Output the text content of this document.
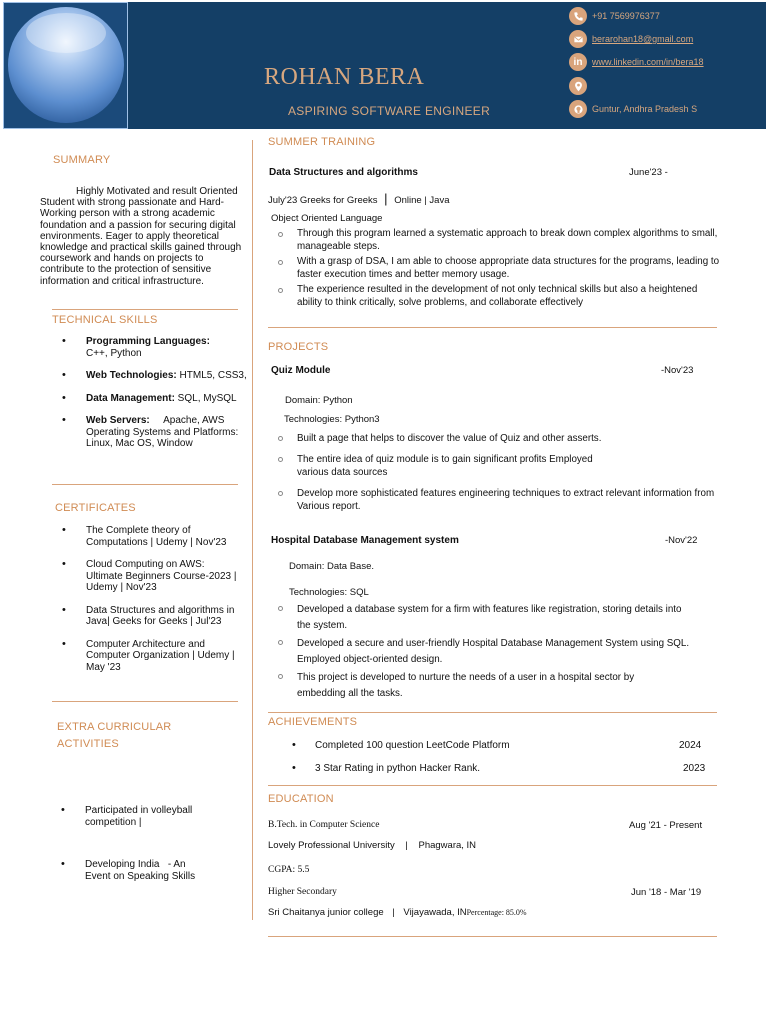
ROHAN BERA
ASPIRING SOFTWARE ENGINEER
+91 7569976377
berarohan18@gmail.com
in	www.linkedin.com/in/bera18
Guntur, Andhra Pradesh S
SUMMARY
Highly Motivated and result Oriented Student with strong passionate and Hard-Working person with a strong academic foundation and a passion for securing digital environments. Eager to apply theoretical knowledge and practical skills gained through coursework and hands on projects to contribute to the protection of sensitive information and critical infrastructure.
TECHNICAL SKILLS
• Programming Languages:
C++, Python
• Web Technologies: HTML5, CSS3,
• Data Management: SQL, MySQL
• Web Servers:     Apache, AWS Operating Systems and Platforms: Linux, Mac OS, Window
CERTIFICATES
• The Complete theory of Computations | Udemy | Nov'23
• Cloud Computing on AWS: Ultimate Beginners Course-2023 | Udemy | Nov'23
• Data Structures and algorithms in Java| Geeks for Geeks | Jul'23
• Computer Architecture and Computer Organization | Udemy | May '23
EXTRA CURRICULAR
ACTIVITIES

• Participated in volleyball competition |

• Developing India   - An Event on Speaking Skills

SUMMER TRAINING
Data Structures and algorithms	June'23 -
July'23 Greeks for Greeks | Online | Java
Object Oriented Language
Through this program learned a systematic approach to break down complex algorithms to small, manageable steps.
With a grasp of DSA, I am able to choose appropriate data structures for the programs, leading to faster execution times and better memory usage.
The experience resulted in the development of not only technical skills but also a heightened ability to think critically, solve problems, and collaborate effectively
PROJECTS
Quiz Module	-Nov'23
Domain: Python
Technologies: Python3
Built a page that helps to discover the value of Quiz and other asserts.
The entire idea of quiz module is to gain significant profits Employed various data sources
Develop more sophisticated features engineering techniques to extract relevant information from Various report.
Hospital Database Management system	-Nov'22
Domain: Data Base.
Technologies: SQL
Developed a database system for a firm with features like registration, storing details into the system.
Developed a secure and user-friendly Hospital Database Management System using SQL. Employed object-oriented design.
This project is developed to nurture the needs of a user in a hospital sector by embedding all the tasks.
ACHIEVEMENTS
• Completed 100 question LeetCode Platform	2024
• 3 Star Rating in python Hacker Rank.	2023
EDUCATION
B.Tech. in Computer Science	Aug '21 - Present
Lovely Professional University | Phagwara, IN
CGPA: 5.5
Higher Secondary	Jun '18 - Mar '19
Sri Chaitanya junior college | Vijayawada, INPercentage: 85.0%
